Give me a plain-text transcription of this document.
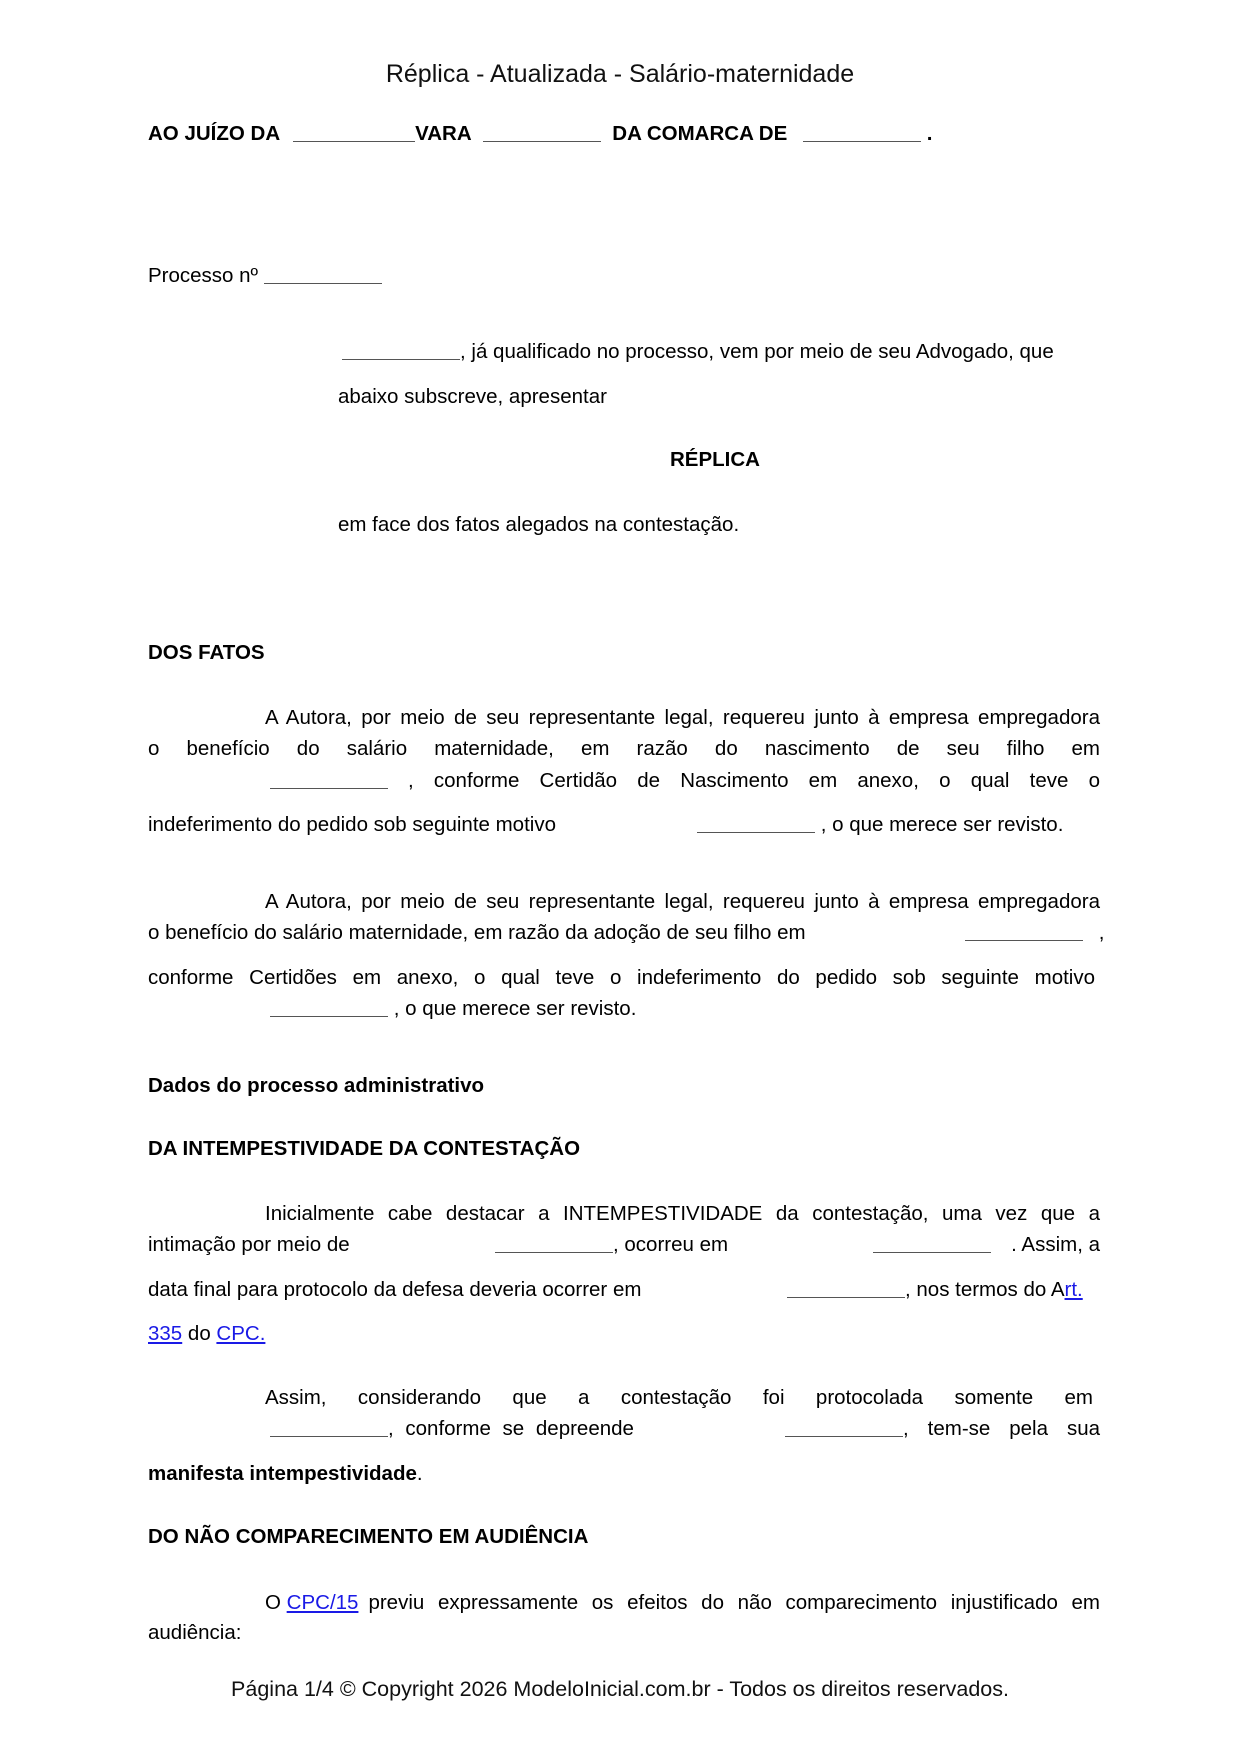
Réplica - Atualizada - Salário-maternidade
AO JUÍZO DA	VARA	DA COMARCA DE	.
Processo nº
, já qualificado no processo, vem por meio de seu Advogado, que
abaixo subscreve, apresentar
RÉPLICA
em face dos fatos alegados na contestação.
DOS FATOS
A Autora, por meio de seu representante legal, requereu junto à empresa empregadora
o benefício do salário maternidade, em razão do nascimento de seu filho em
, conforme Certidão de Nascimento em anexo, o qual teve o
indeferimento do pedido sob seguinte motivo	, o que merece ser revisto.
A Autora, por meio de seu representante legal, requereu junto à empresa empregadora
o benefício do salário maternidade, em razão da adoção de seu filho em	,
conforme Certidões em anexo, o qual teve o indeferimento do pedido sob seguinte motivo
, o que merece ser revisto.
Dados do processo administrativo
DA INTEMPESTIVIDADE DA CONTESTAÇÃO
Inicialmente cabe destacar a INTEMPESTIVIDADE da contestação, uma vez que a
intimação por meio de	, ocorreu em	. Assim, a
data final para protocolo da defesa deveria ocorrer em	, nos termos do Art.
335 do CPC.
Assim, considerando que a contestação foi protocolada somente em
, conforme se depreende	, tem-se pela sua
manifesta intempestividade.
DO NÃO COMPARECIMENTO EM AUDIÊNCIA
O CPC/15 previu expressamente os efeitos do não comparecimento injustificado em
audiência:
Página 1/4 © Copyright 2026 ModeloInicial.com.br - Todos os direitos reservados.
